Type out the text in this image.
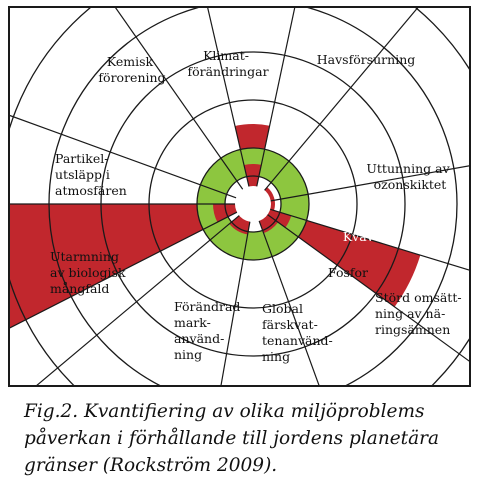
Klimat- förändringar
Havsförsurning
Uttunning av ozonskiktet
Kväve
Störd omsätt- ning av nä- ringsämnen
Fosfor
Global färskvat- tenanvänd- ning
Förändrad mark- använd- ning
Utarmning av biologisk mångfald
Partikel- utsläpp i atmosfären
Kemisk förorening

Fig.2. Kvantifiering av olika miljöproblems
påverkan i förhållande till jordens planetära
gränser (Rockström 2009).
